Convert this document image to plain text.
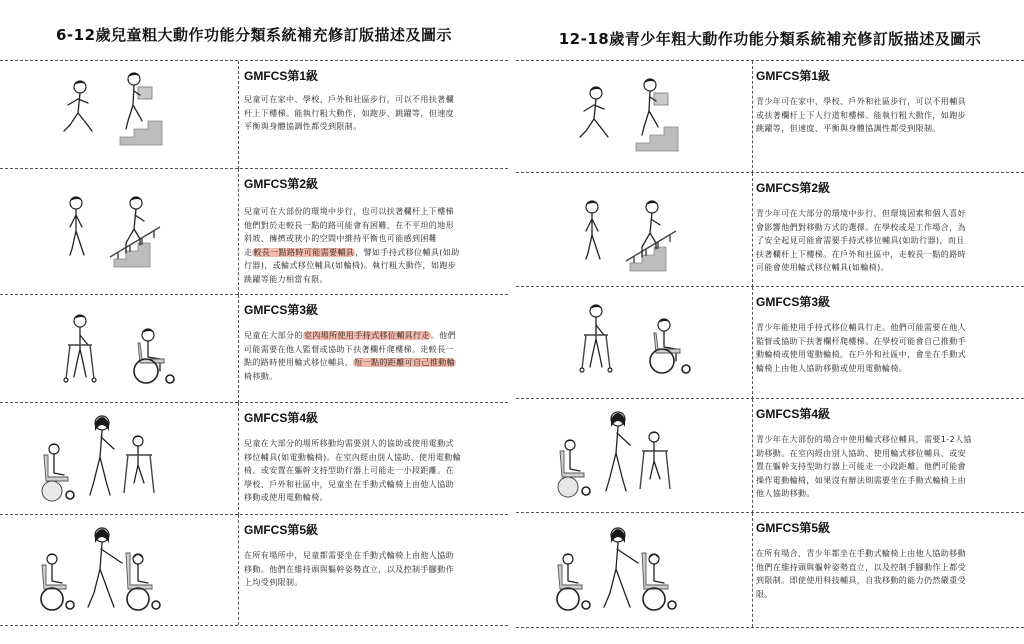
6-12歲兒童粗大動作功能分類系統補充修訂版描述及圖示
GMFCS第1級
兒童可在家中、學校、戶外和社區步行，可以不用扶著欄
杆上下樓梯。能執行粗大動作，如跑步、跳躍等，但速度
平衡與身體協調性都受到限制。
GMFCS第2級
兒童可在大部份的環境中步行，也可以扶著欄杆上下樓梯
他們對於走較長一點的路可能會有困難，在不平坦的地形
斜坡、擁擠或狹小的空間中維持平衡也可能感到困難
走較長一點路時可能需要輔具，譬如手持式移位輔具(如助
行器)，或輪式移位輔具(如輪椅)。執行粗大動作，如跑步
跳躍等能力相當有限。
GMFCS第3級
兒童在大部分的室內場所使用手持式移位輔具行走。他們
可能需要在他人監督或協助下扶著欄杆爬樓梯。走較長一
點的路時使用輪式移位輔具，短一點的距離可自己推動輪
椅移動。
GMFCS第4級
兒童在大部分的場所移動均需要別人的協助或使用電動式
移位輔具(如電動輪椅)。在室內經由別人協助、使用電動輪
椅、或安置在軀幹支持型助行器上可能走一小段距離。在
學校、戶外和社區中，兒童坐在手動式輪椅上由他人協助
移動或使用電動輪椅。
GMFCS第5級
在所有場所中，兒童都需要坐在手動式輪椅上由他人協助
移動。他們在維持頭與軀幹姿勢直立，以及控制手腳動作
上均受到限制。
12-18歲青少年粗大動作功能分類系統補充修訂版描述及圖示
GMFCS第1級
青少年可在家中、學校、戶外和社區步行，可以不用輔具
或扶著欄杆上下人行道和樓梯。能執行粗大動作，如跑步
跳躍等，但速度、平衡與身體協調性都受到限制。
GMFCS第2級
青少年可在大部分的環境中步行，但環境因素和個人喜好
會影響他們對移動方式的選擇。在學校或是工作場合，為
了安全起見可能會需要手持式移位輔具(如助行器)，而且
扶著欄杆上下樓梯。在戶外和社區中，走較長一點的路時
可能會使用輪式移位輔具(如輪椅)。
GMFCS第3級
青少年能使用手持式移位輔具行走。他們可能需要在他人
監督或協助下扶著欄杆爬樓梯。在學校可能會自己推動手
動輪椅或使用電動輪椅。在戶外和社區中，會坐在手動式
輪椅上由他人協助移動或使用電動輪椅。
GMFCS第4級
青少年在大部份的場合中使用輪式移位輔具，需要1-2人協
助移動。在室內經由別人協助、使用輪式移位輔具、或安
置在軀幹支持型助行器上可能走一小段距離。他們可能會
操作電動輪椅，如果沒有辦法則需要坐在手動式輪椅上由
他人協助移動。
GMFCS第5級
在所有場合，青少年都坐在手動式輪椅上由他人協助移動
他們在維持頭與軀幹姿勢直立，以及控制手腳動作上都受
到限制。即使使用科技輔具，自我移動的能力仍然嚴重受
限。
